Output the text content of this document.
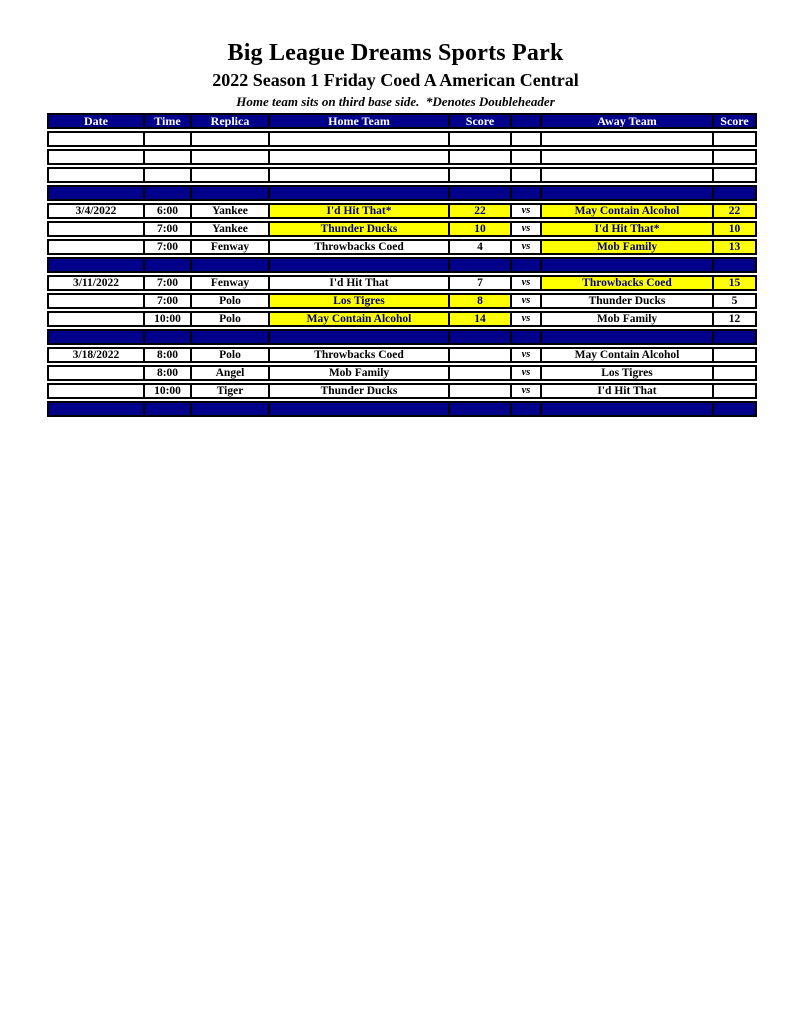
Big League Dreams Sports Park
2022 Season 1 Friday Coed A American Central
Home team sits on third base side.  *Denotes Doubleheader
Date	Time	Replica	Home Team	Score		Away Team	Score

3/4/2022	6:00	Yankee	I'd Hit That*	22	vs	May Contain Alcohol	22
	7:00	Yankee	Thunder Ducks	10	vs	I'd Hit That*	10
	7:00	Fenway	Throwbacks Coed	4	vs	Mob Family	13

3/11/2022	7:00	Fenway	I'd Hit That	7	vs	Throwbacks Coed	15
	7:00	Polo	Los Tigres	8	vs	Thunder Ducks	5
	10:00	Polo	May Contain Alcohol	14	vs	Mob Family	12

3/18/2022	8:00	Polo	Throwbacks Coed		vs	May Contain Alcohol	
	8:00	Angel	Mob Family		vs	Los Tigres	
	10:00	Tiger	Thunder Ducks		vs	I'd Hit That	
